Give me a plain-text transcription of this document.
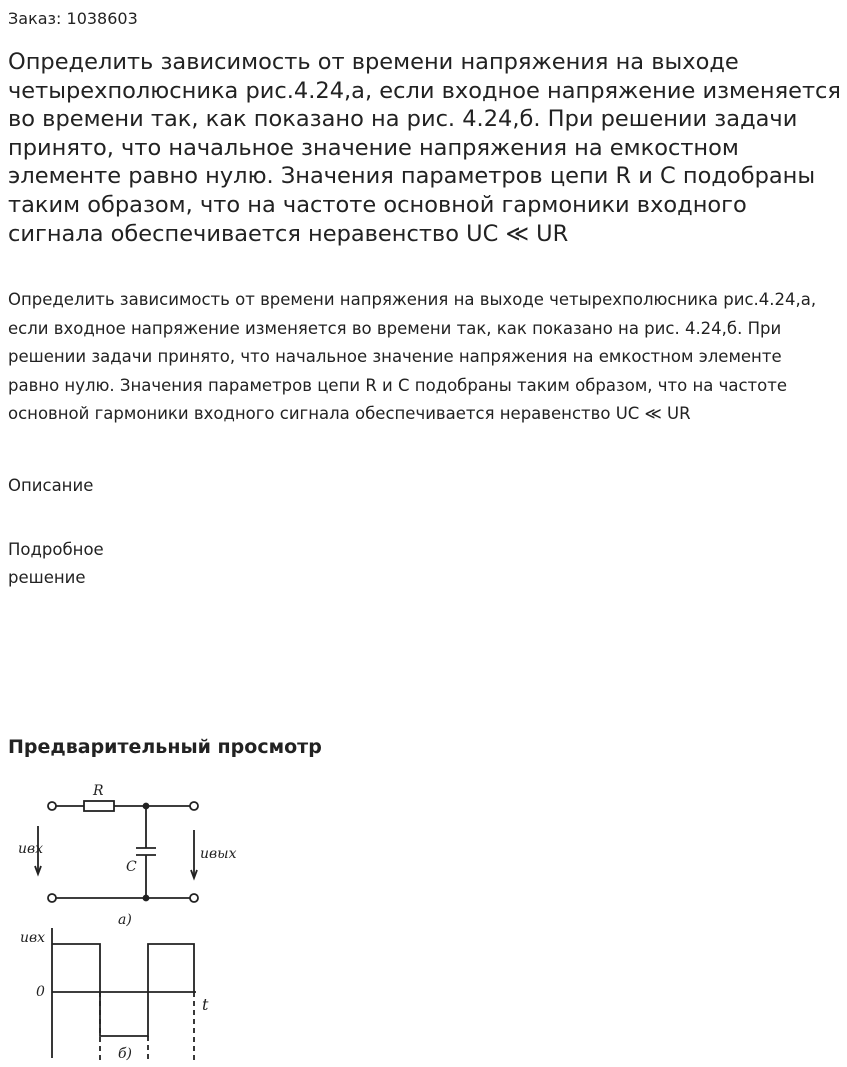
Заказ: 1038603
Определить зависимость от времени напряжения на выходе четырехполюсника рис.4.24,а, если входное напряжение изменяется во времени так, как показано на рис. 4.24,б. При решении задачи принято, что начальное значение напряжения на емкостном элементе равно нулю. Значения параметров цепи R и С подобраны таким образом, что на частоте основной гармоники входного сигнала обеспечивается неравенство UC ≪ UR

Определить зависимость от времени напряжения на выходе четырехполюсника рис.4.24,а, если входное напряжение изменяется во времени так, как показано на рис. 4.24,б. При решении задачи принято, что начальное значение напряжения на емкостном элементе равно нулю. Значения параметров цепи R и С подобраны таким образом, что на частоте основной гармоники входного сигнала обеспечивается неравенство UC ≪ UR

Описание
Подробное решение
Предварительный просмотр
R
C
uвх	uвых
а)
uвх
0
t
б)
